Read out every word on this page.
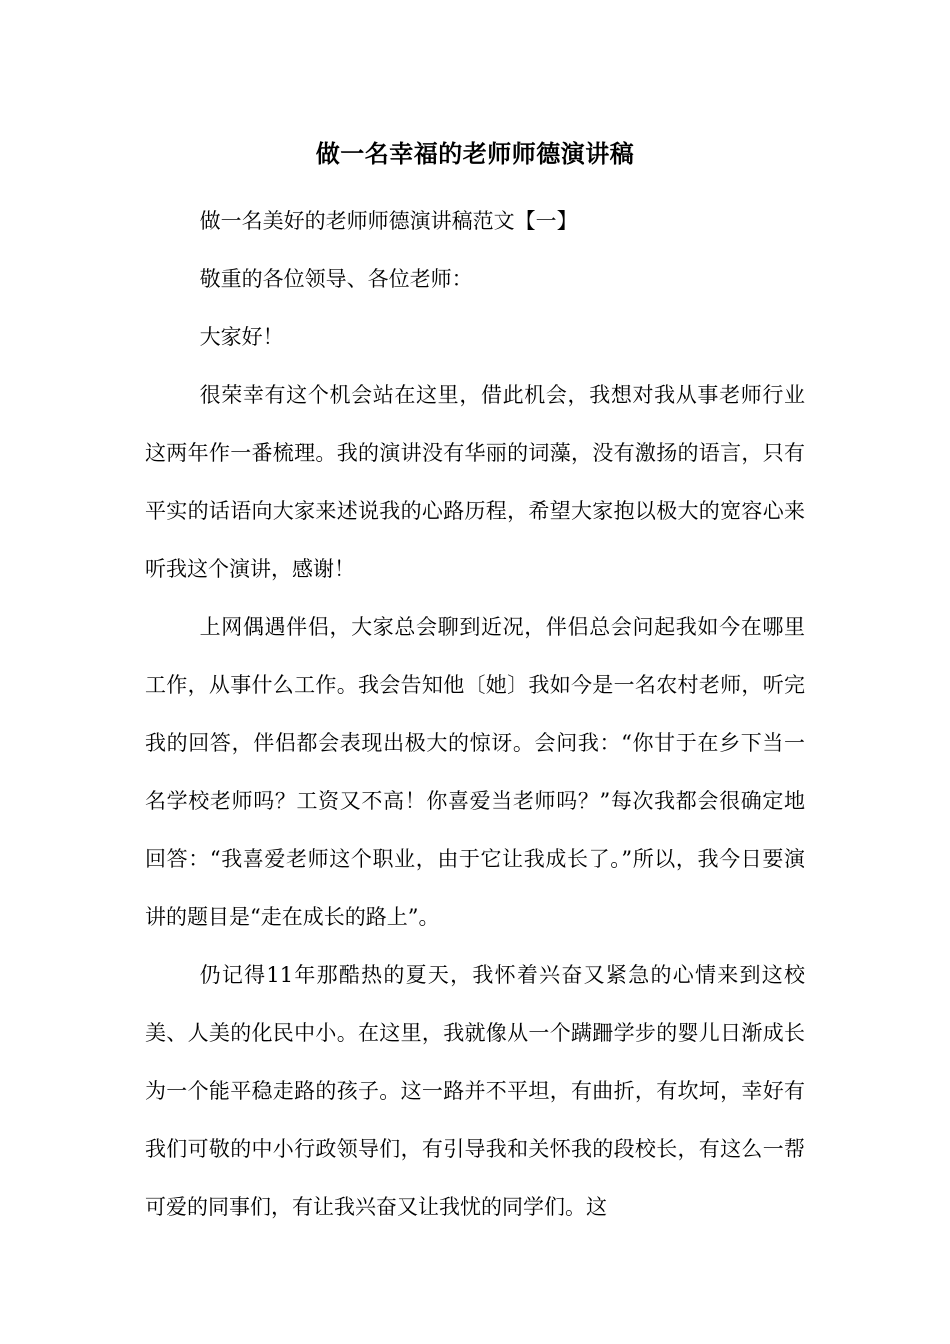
做一名幸福的老师师德演讲稿

做一名美好的老师师德演讲稿范文【一】

敬重的各位领导、各位老师：

大家好！

很荣幸有这个机会站在这里，借此机会，我想对我从事老师行业这两年作一番梳理。我的演讲没有华丽的词藻，没有激扬的语言，只有平实的话语向大家来述说我的心路历程，希望大家抱以极大的宽容心来听我这个演讲，感谢！

上网偶遇伴侣，大家总会聊到近况，伴侣总会问起我如今在哪里工作，从事什么工作。我会告知他〔她〕我如今是一名农村老师，听完我的回答，伴侣都会表现出极大的惊讶。会问我：“你甘于在乡下当一名学校老师吗？工资又不高！你喜爱当老师吗？”每次我都会很确定地回答：“我喜爱老师这个职业，由于它让我成长了。”所以，我今日要演讲的题目是“走在成长的路上”。

仍记得11年那酷热的夏天，我怀着兴奋又紧急的心情来到这校美、人美的化民中小。在这里，我就像从一个蹒跚学步的婴儿日渐成长为一个能平稳走路的孩子。这一路并不平坦，有曲折，有坎坷，幸好有我们可敬的中小行政领导们，有引导我和关怀我的段校长，有这么一帮可爱的同事们，有让我兴奋又让我忧的同学们。这
